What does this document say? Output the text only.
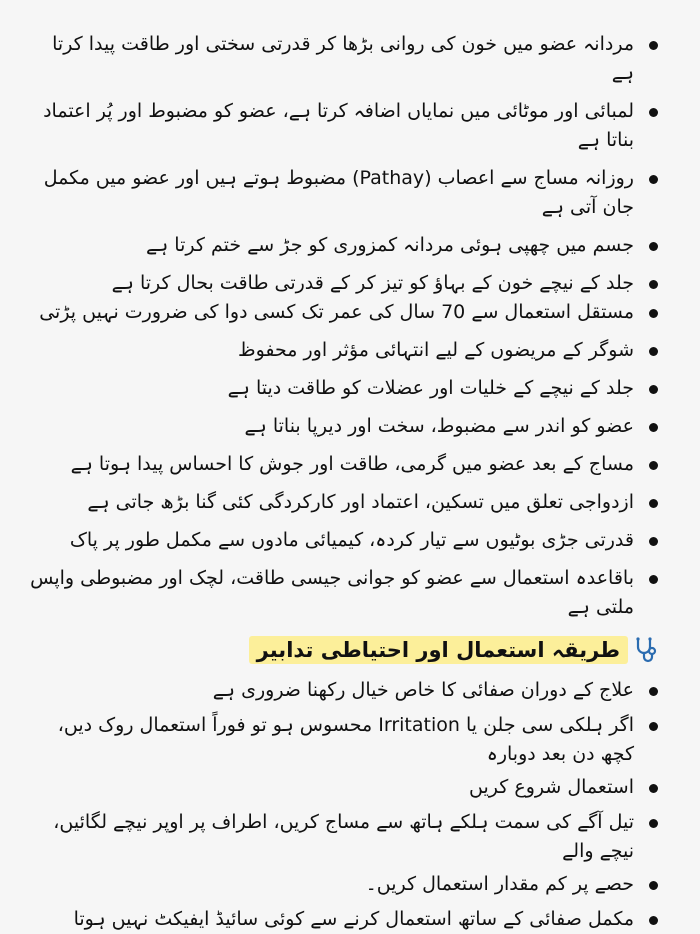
مردانہ عضو میں خون کی روانی بڑھا کر قدرتی سختی اور طاقت پیدا کرتا ہے
لمبائی اور موٹائی میں نمایاں اضافہ کرتا ہے، عضو کو مضبوط اور پُر اعتماد بناتا ہے
روزانہ مساج سے اعصاب (Pathay) مضبوط ہوتے ہیں اور عضو میں مکمل جان آتی ہے
جسم میں چھپی ہوئی مردانہ کمزوری کو جڑ سے ختم کرتا ہے
جلد کے نیچے خون کے بہاؤ کو تیز کر کے قدرتی طاقت بحال کرتا ہے
مستقل استعمال سے 70 سال کی عمر تک کسی دوا کی ضرورت نہیں پڑتی
شوگر کے مریضوں کے لیے انتہائی مؤثر اور محفوظ
جلد کے نیچے کے خلیات اور عضلات کو طاقت دیتا ہے
عضو کو اندر سے مضبوط، سخت اور دیرپا بناتا ہے
مساج کے بعد عضو میں گرمی، طاقت اور جوش کا احساس پیدا ہوتا ہے
ازدواجی تعلق میں تسکین، اعتماد اور کارکردگی کئی گنا بڑھ جاتی ہے
قدرتی جڑی بوٹیوں سے تیار کردہ، کیمیائی مادوں سے مکمل طور پر پاک
باقاعدہ استعمال سے عضو کو جوانی جیسی طاقت، لچک اور مضبوطی واپس ملتی ہے
طریقہ استعمال اور احتیاطی تدابیر
علاج کے دوران صفائی کا خاص خیال رکھنا ضروری ہے
اگر ہلکی سی جلن یا Irritation محسوس ہو تو فوراً استعمال روک دیں، کچھ دن بعد دوبارہ
استعمال شروع کریں
تیل آگے کی سمت ہلکے ہاتھ سے مساج کریں، اطراف پر اوپر نیچے لگائیں، نیچے والے
حصے پر کم مقدار استعمال کریں۔
مکمل صفائی کے ساتھ استعمال کرنے سے کوئی سائیڈ ایفیکٹ نہیں ہوتا
